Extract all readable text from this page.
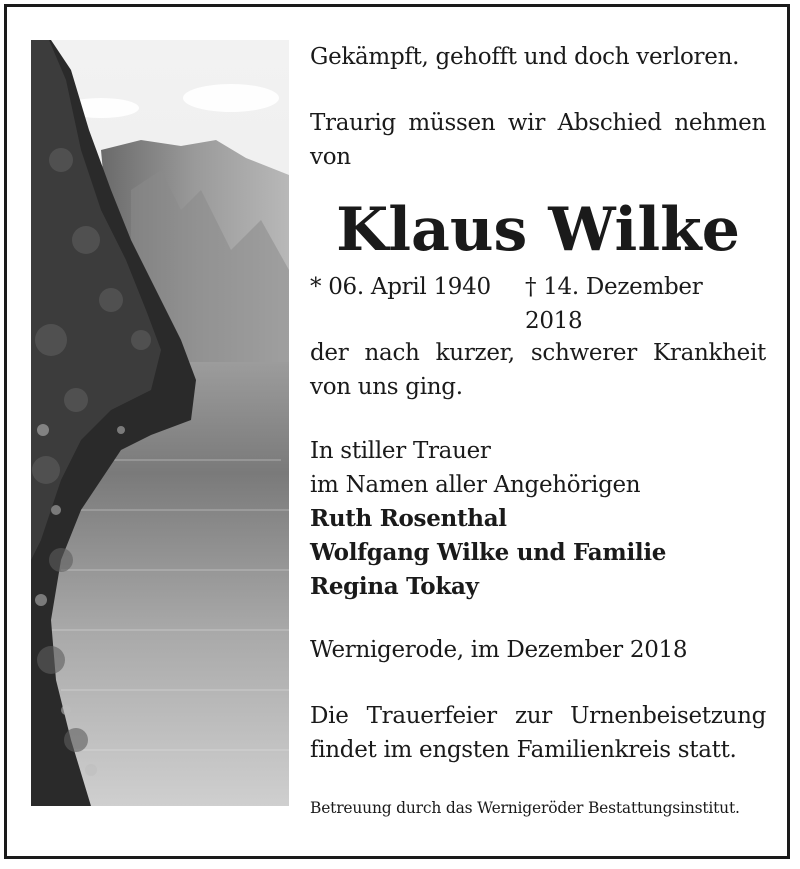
Gekämpft, gehofft und doch verloren.
Traurig müssen wir Abschied nehmen von
Klaus Wilke
* 06. April 1940 † 14. Dezember 2018
der nach kurzer, schwerer Krankheit von uns ging.
In stiller Trauer
im Namen aller Angehörigen
Ruth Rosenthal
Wolfgang Wilke und Familie
Regina Tokay
Wernigerode, im Dezember 2018
Die Trauerfeier zur Urnenbeisetzung findet im engsten Familienkreis statt.
Betreuung durch das Wernigeröder Bestattungsinstitut.
